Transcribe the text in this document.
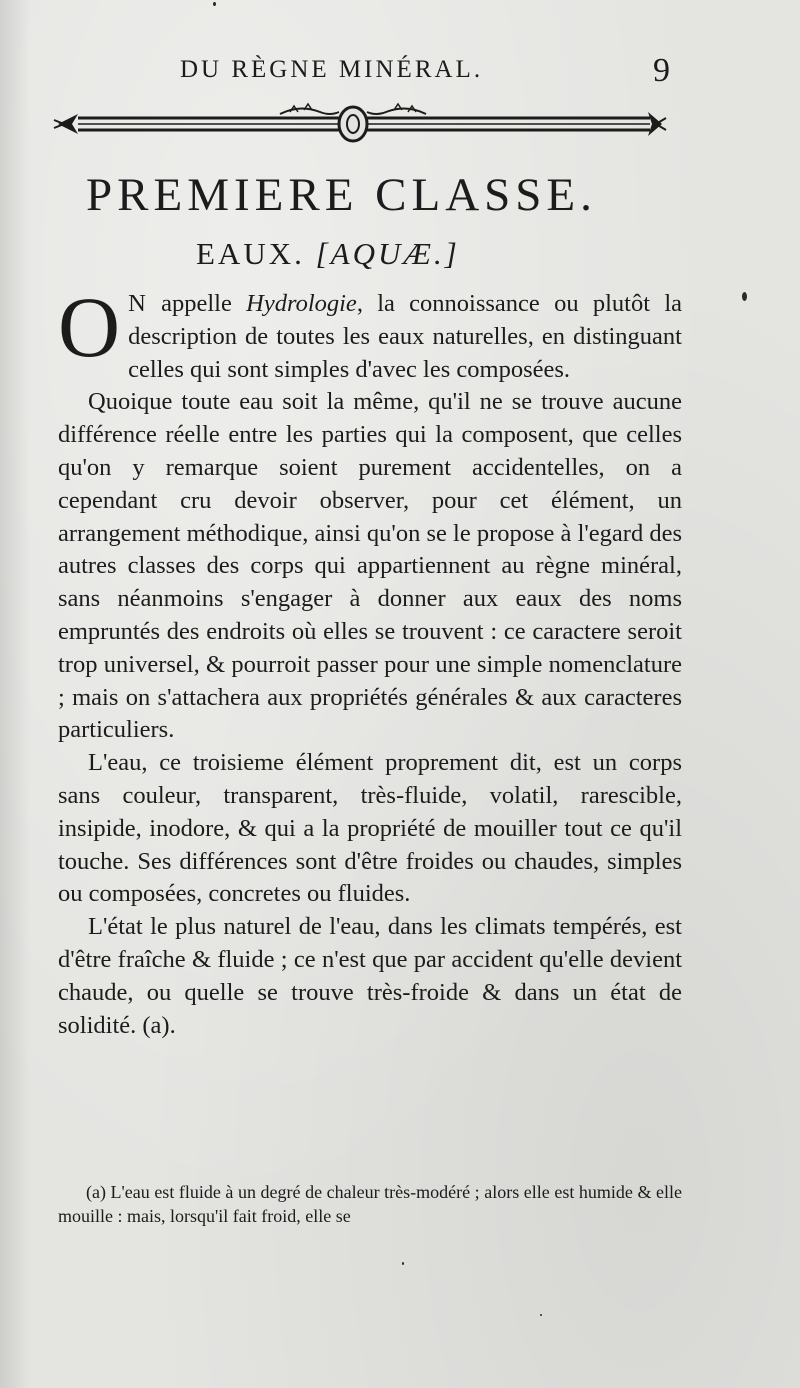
DU RÈGNE MINÉRAL.	9
PREMIERE CLASSE.
EAUX. [AQUÆ.]

O N appelle Hydrologie, la connoissance ou plutôt la description de toutes les eaux naturelles, en distinguant celles qui sont simples d'avec les composées.

Quoique toute eau soit la même, qu'il ne se trouve aucune différence réelle entre les parties qui la composent, que celles qu'on y remarque soient purement accidentelles, on a cependant cru devoir observer, pour cet élément, un arrangement méthodique, ainsi qu'on se le propose à l'egard des autres classes des corps qui appartiennent au règne minéral, sans néanmoins s'engager à donner aux eaux des noms empruntés des endroits où elles se trouvent : ce caractere seroit trop universel, & pourroit passer pour une simple nomenclature ; mais on s'attachera aux propriétés générales & aux caracteres particuliers.

L'eau, ce troisieme élément proprement dit, est un corps sans couleur, transparent, très-fluide, volatil, rarescible, insipide, inodore, & qui a la propriété de mouiller tout ce qu'il touche. Ses différences sont d'être froides ou chaudes, simples ou composées, concretes ou fluides.

L'état le plus naturel de l'eau, dans les climats tempérés, est d'être fraîche & fluide ; ce n'est que par accident qu'elle devient chaude, ou quelle se trouve très-froide & dans un état de solidité. (a).

(a) L'eau est fluide à un degré de chaleur très-modéré ; alors elle est humide & elle mouille : mais, lorsqu'il fait froid, elle se
